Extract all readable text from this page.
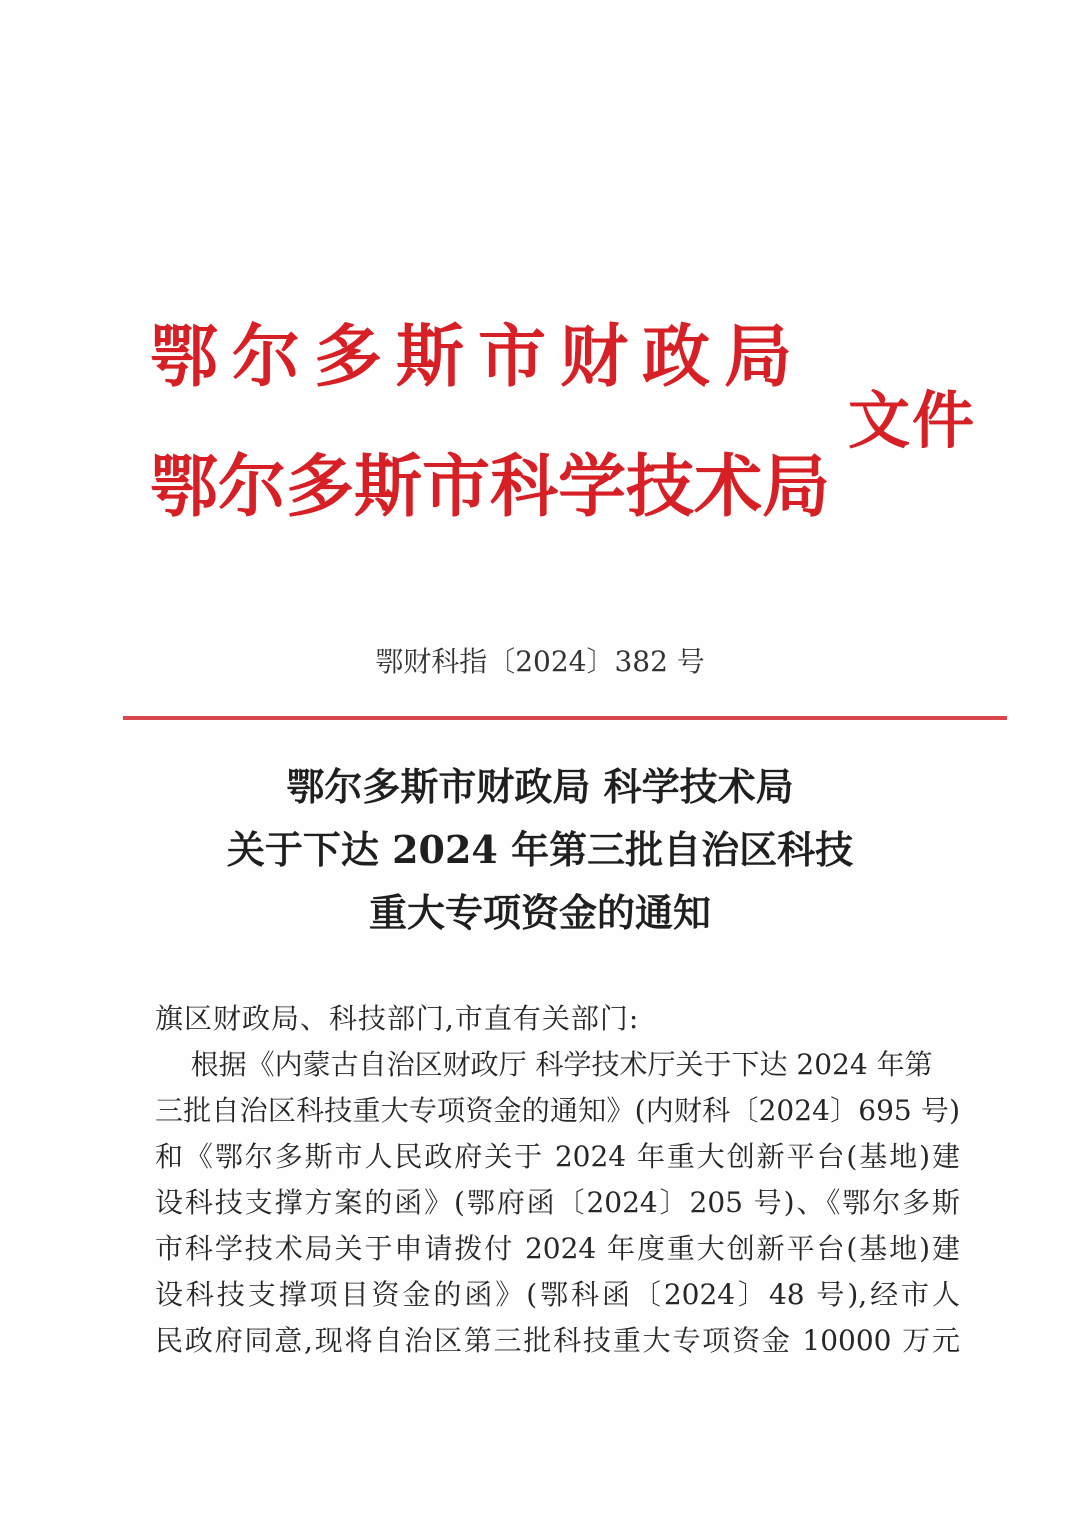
鄂尔多斯市财政局
鄂尔多斯市科学技术局
文件
鄂财科指〔2024〕382 号
鄂尔多斯市财政局 科学技术局
关于下达 2024 年第三批自治区科技
重大专项资金的通知
旗区财政局、科技部门,市直有关部门:
根据《内蒙古自治区财政厅 科学技术厅关于下达 2024 年第
三批自治区科技重大专项资金的通知》(内财科〔2024〕695 号)
和《鄂尔多斯市人民政府关于 2024 年重大创新平台(基地)建
设科技支撑方案的函》(鄂府函〔2024〕205 号)、《鄂尔多斯
市科学技术局关于申请拨付 2024 年度重大创新平台(基地)建
设科技支撑项目资金的函》(鄂科函〔2024〕48 号),经市人
民政府同意,现将自治区第三批科技重大专项资金 10000 万元
